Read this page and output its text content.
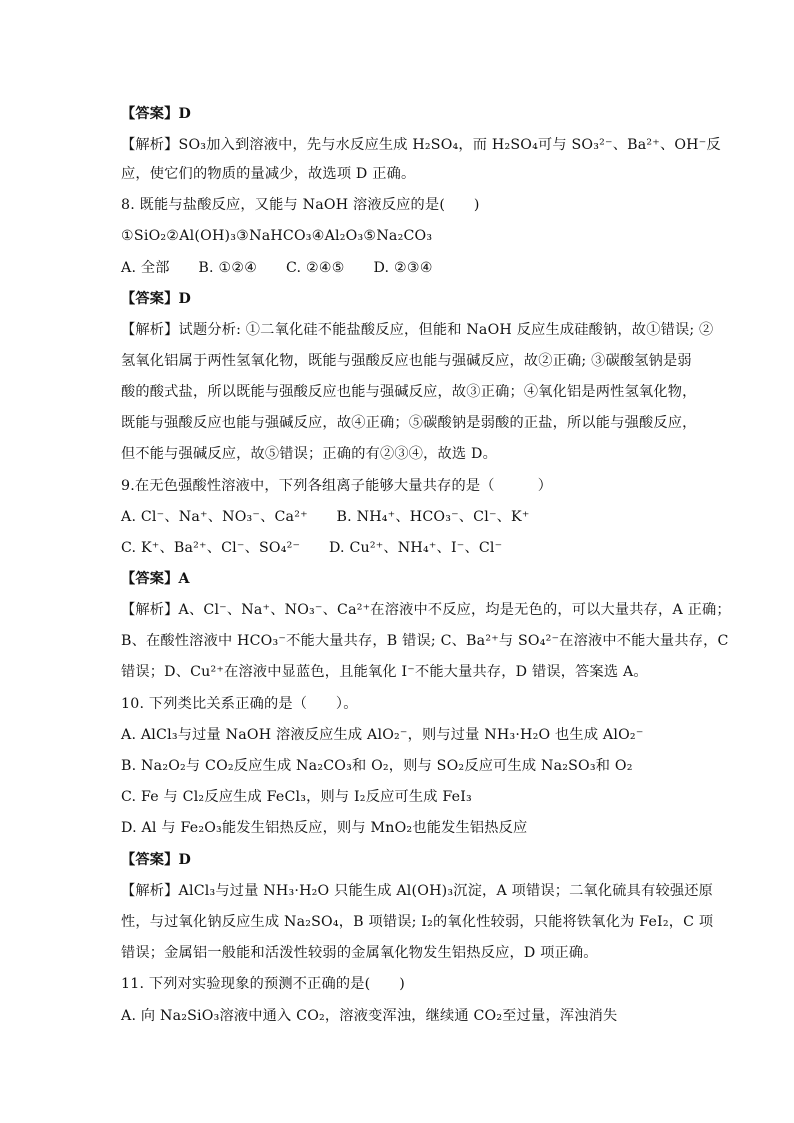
【答案】D
【解析】SO₃加入到溶液中，先与水反应生成 H₂SO₄，而 H₂SO₄可与 SO₃²⁻、Ba²⁺、OH⁻反
应，使它们的物质的量减少，故选项 D 正确。
8. 既能与盐酸反应，又能与 NaOH 溶液反应的是(　　)
①SiO₂②Al(OH)₃③NaHCO₃④Al₂O₃⑤Na₂CO₃
A. 全部　　B. ①②④　　C. ②④⑤　　D. ②③④
【答案】D
【解析】试题分析: ①二氧化硅不能盐酸反应，但能和 NaOH 反应生成硅酸钠，故①错误; ②
氢氧化铝属于两性氢氧化物，既能与强酸反应也能与强碱反应，故②正确; ③碳酸氢钠是弱
酸的酸式盐，所以既能与强酸反应也能与强碱反应，故③正确；④氧化铝是两性氢氧化物，
既能与强酸反应也能与强碱反应，故④正确；⑤碳酸钠是弱酸的正盐，所以能与强酸反应，
但不能与强碱反应，故⑤错误；正确的有②③④，故选 D。
9.在无色强酸性溶液中，下列各组离子能够大量共存的是（　　　）
A. Cl⁻、Na⁺、NO₃⁻、Ca²⁺　　B. NH₄⁺、HCO₃⁻、Cl⁻、K⁺
C. K⁺、Ba²⁺、Cl⁻、SO₄²⁻　　D. Cu²⁺、NH₄⁺、I⁻、Cl⁻
【答案】A
【解析】A、Cl⁻、Na⁺、NO₃⁻、Ca²⁺在溶液中不反应，均是无色的，可以大量共存，A 正确；
B、在酸性溶液中 HCO₃⁻不能大量共存，B 错误; C、Ba²⁺与 SO₄²⁻在溶液中不能大量共存，C
错误；D、Cu²⁺在溶液中显蓝色，且能氧化 I⁻不能大量共存，D 错误，答案选 A。
10. 下列类比关系正确的是（　　）。
A. AlCl₃与过量 NaOH 溶液反应生成 AlO₂⁻，则与过量 NH₃·H₂O 也生成 AlO₂⁻
B. Na₂O₂与 CO₂反应生成 Na₂CO₃和 O₂，则与 SO₂反应可生成 Na₂SO₃和 O₂
C. Fe 与 Cl₂反应生成 FeCl₃，则与 I₂反应可生成 FeI₃
D. Al 与 Fe₂O₃能发生铝热反应，则与 MnO₂也能发生铝热反应
【答案】D
【解析】AlCl₃与过量 NH₃·H₂O 只能生成 Al(OH)₃沉淀，A 项错误；二氧化硫具有较强还原
性，与过氧化钠反应生成 Na₂SO₄，B 项错误; I₂的氧化性较弱，只能将铁氧化为 FeI₂，C 项
错误；金属铝一般能和活泼性较弱的金属氧化物发生铝热反应，D 项正确。
11. 下列对实验现象的预测不正确的是(　　)
A. 向 Na₂SiO₃溶液中通入 CO₂，溶液变浑浊，继续通 CO₂至过量，浑浊消失
